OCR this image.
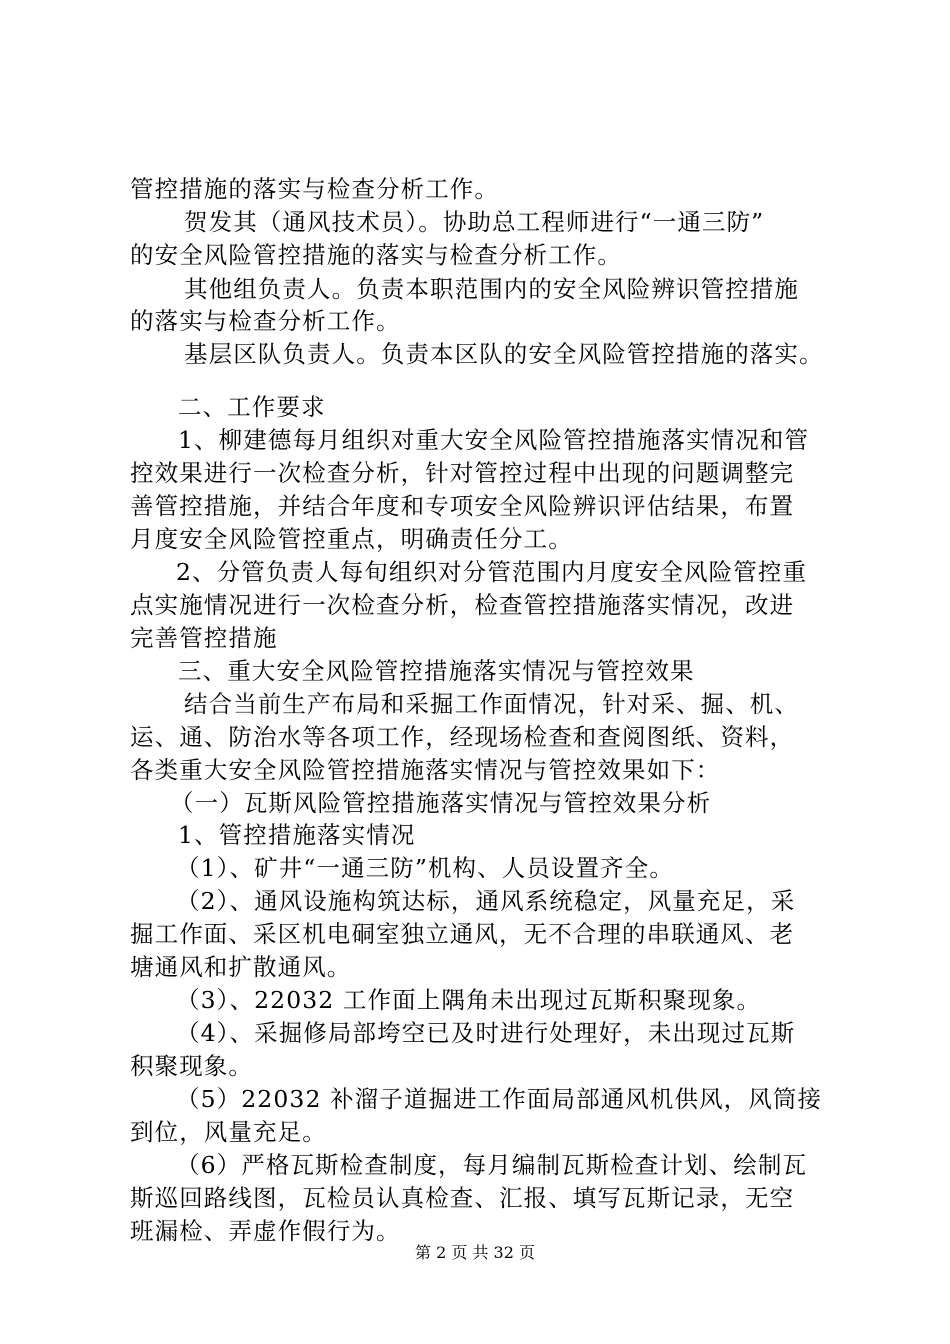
管控措施的落实与检查分析工作。
贺发其（通风技术员）。协助总工程师进行“一通三防”
的安全风险管控措施的落实与检查分析工作。
其他组负责人。负责本职范围内的安全风险辨识管控措施
的落实与检查分析工作。
基层区队负责人。负责本区队的安全风险管控措施的落实。
二、工作要求
1、柳建德每月组织对重大安全风险管控措施落实情况和管
控效果进行一次检查分析，针对管控过程中出现的问题调整完
善管控措施，并结合年度和专项安全风险辨识评估结果，布置
月度安全风险管控重点，明确责任分工。
2、分管负责人每旬组织对分管范围内月度安全风险管控重
点实施情况进行一次检查分析，检查管控措施落实情况，改进
完善管控措施
三、重大安全风险管控措施落实情况与管控效果
结合当前生产布局和采掘工作面情况，针对采、掘、机、
运、通、防治水等各项工作，经现场检查和查阅图纸、资料，
各类重大安全风险管控措施落实情况与管控效果如下：
（一）瓦斯风险管控措施落实情况与管控效果分析
1、管控措施落实情况
（1）、矿井“一通三防”机构、人员设置齐全。
（2）、通风设施构筑达标，通风系统稳定，风量充足，采
掘工作面、采区机电硐室独立通风，无不合理的串联通风、老
塘通风和扩散通风。
（3）、22032 工作面上隅角未出现过瓦斯积聚现象。
（4）、采掘修局部垮空已及时进行处理好，未出现过瓦斯
积聚现象。
（5）22032 补溜子道掘进工作面局部通风机供风，风筒接
到位，风量充足。
（6）严格瓦斯检查制度，每月编制瓦斯检查计划、绘制瓦
斯巡回路线图，瓦检员认真检查、汇报、填写瓦斯记录，无空
班漏检、弄虚作假行为。
第 2 页 共 32 页
